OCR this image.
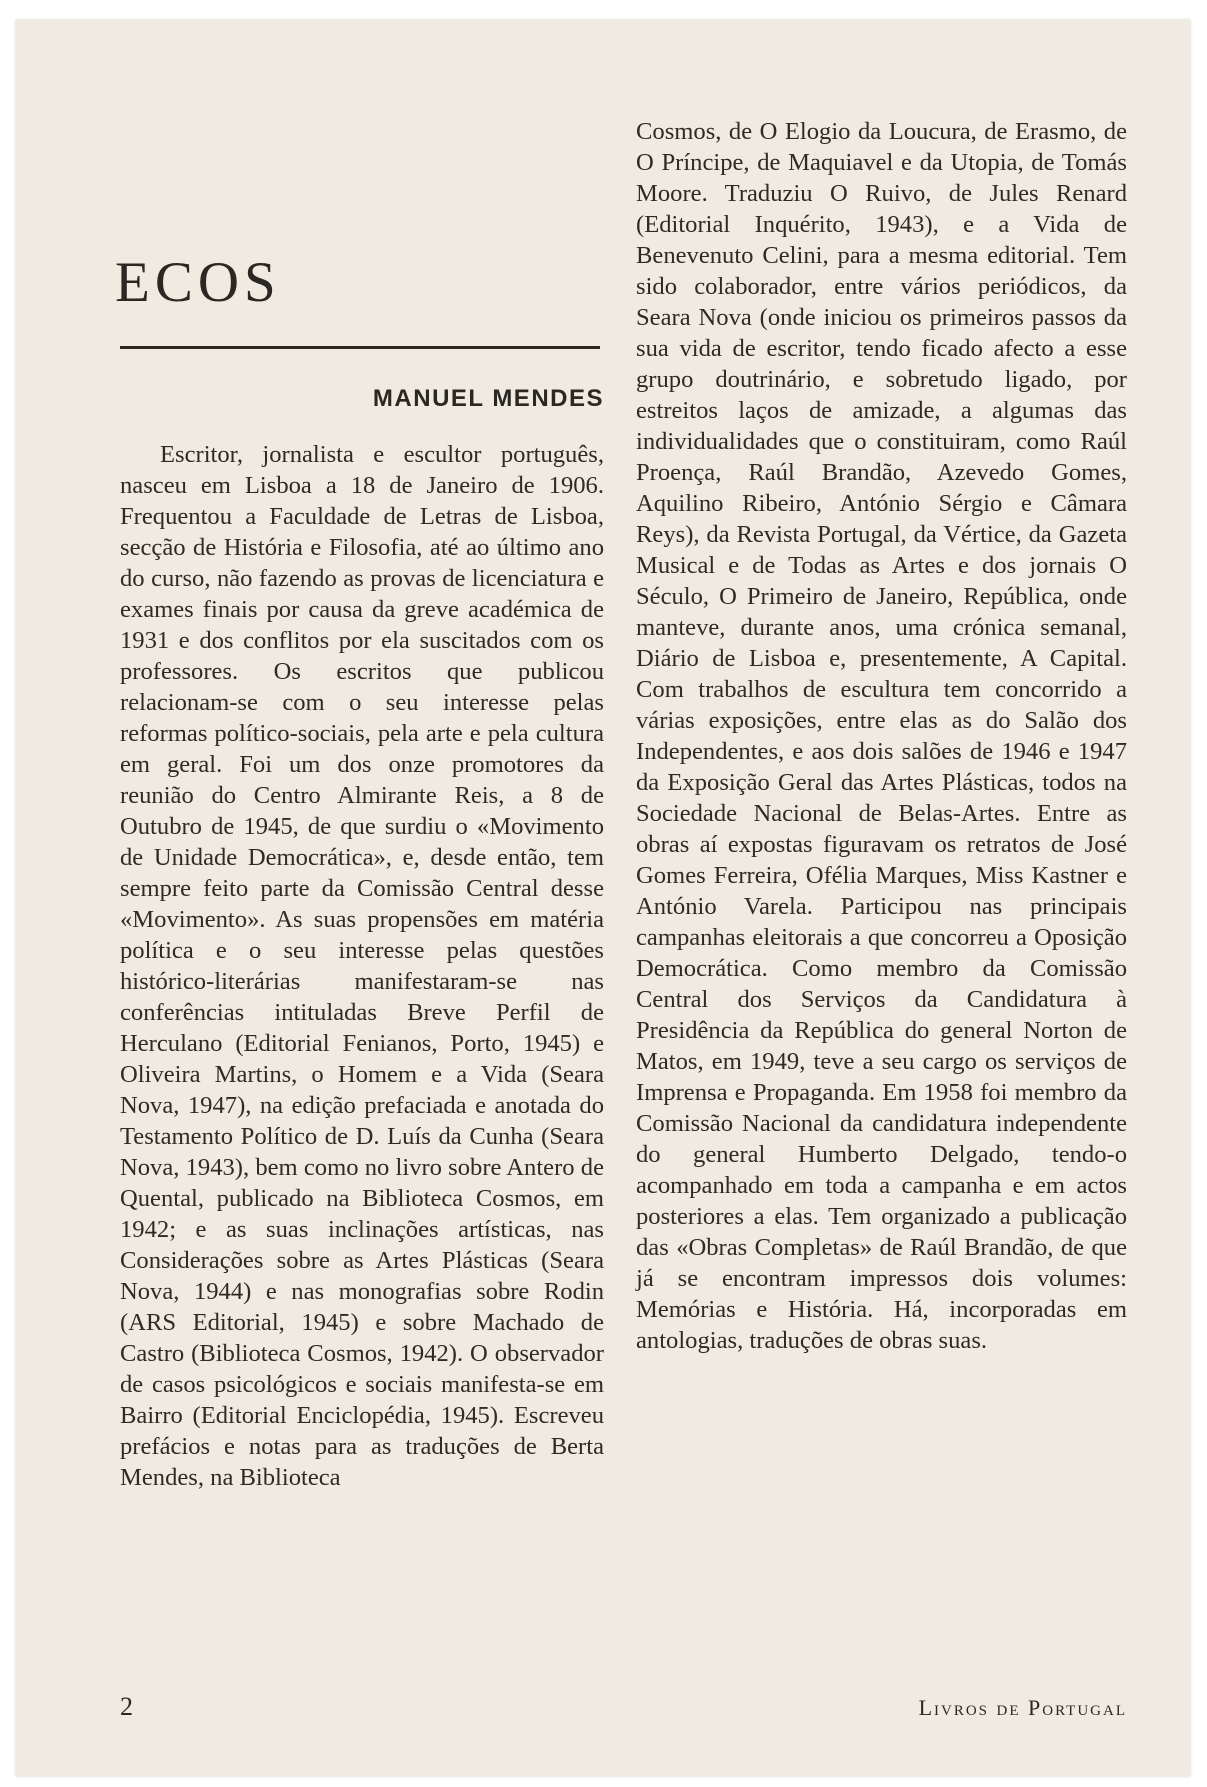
ECOS
MANUEL MENDES

Escritor, jornalista e escultor português, nasceu em Lisboa a 18 de Janeiro de 1906. Frequentou a Faculdade de Letras de Lisboa, secção de História e Filosofia, até ao último ano do curso, não fazendo as provas de licenciatura e exames finais por causa da greve académica de 1931 e dos conflitos por ela suscitados com os professores. Os escritos que publicou relacionam-se com o seu interesse pelas reformas político-sociais, pela arte e pela cultura em geral. Foi um dos onze promotores da reunião do Centro Almirante Reis, a 8 de Outubro de 1945, de que surdiu o «Movimento de Unidade Democrática», e, desde então, tem sempre feito parte da Comissão Central desse «Movimento». As suas propensões em matéria política e o seu interesse pelas questões histórico-literárias manifestaram-se nas conferências intituladas Breve Perfil de Herculano (Editorial Fenianos, Porto, 1945) e Oliveira Martins, o Homem e a Vida (Seara Nova, 1947), na edição prefaciada e anotada do Testamento Político de D. Luís da Cunha (Seara Nova, 1943), bem como no livro sobre Antero de Quental, publicado na Biblioteca Cosmos, em 1942; e as suas inclinações artísticas, nas Considerações sobre as Artes Plásticas (Seara Nova, 1944) e nas monografias sobre Rodin (ARS Editorial, 1945) e sobre Machado de Castro (Biblioteca Cosmos, 1942). O observador de casos psicológicos e sociais manifesta-se em Bairro (Editorial Enciclopédia, 1945). Escreveu prefácios e notas para as traduções de Berta Mendes, na Biblioteca

Cosmos, de O Elogio da Loucura, de Erasmo, de O Príncipe, de Maquiavel e da Utopia, de Tomás Moore. Traduziu O Ruivo, de Jules Renard (Editorial Inquérito, 1943), e a Vida de Benevenuto Celini, para a mesma editorial. Tem sido colaborador, entre vários periódicos, da Seara Nova (onde iniciou os primeiros passos da sua vida de escritor, tendo ficado afecto a esse grupo doutrinário, e sobretudo ligado, por estreitos laços de amizade, a algumas das individualidades que o constituiram, como Raúl Proença, Raúl Brandão, Azevedo Gomes, Aquilino Ribeiro, António Sérgio e Câmara Reys), da Revista Portugal, da Vértice, da Gazeta Musical e de Todas as Artes e dos jornais O Século, O Primeiro de Janeiro, República, onde manteve, durante anos, uma crónica semanal, Diário de Lisboa e, presentemente, A Capital. Com trabalhos de escultura tem concorrido a várias exposições, entre elas as do Salão dos Independentes, e aos dois salões de 1946 e 1947 da Exposição Geral das Artes Plásticas, todos na Sociedade Nacional de Belas-Artes. Entre as obras aí expostas figuravam os retratos de José Gomes Ferreira, Ofélia Marques, Miss Kastner e António Varela. Participou nas principais campanhas eleitorais a que concorreu a Oposição Democrática. Como membro da Comissão Central dos Serviços da Candidatura à Presidência da República do general Norton de Matos, em 1949, teve a seu cargo os serviços de Imprensa e Propaganda. Em 1958 foi membro da Comissão Nacional da candidatura independente do general Humberto Delgado, tendo-o acompanhado em toda a campanha e em actos posteriores a elas. Tem organizado a publicação das «Obras Completas» de Raúl Brandão, de que já se encontram impressos dois volumes: Memórias e História. Há, incorporadas em antologias, traduções de obras suas.

2	Livros de Portugal
